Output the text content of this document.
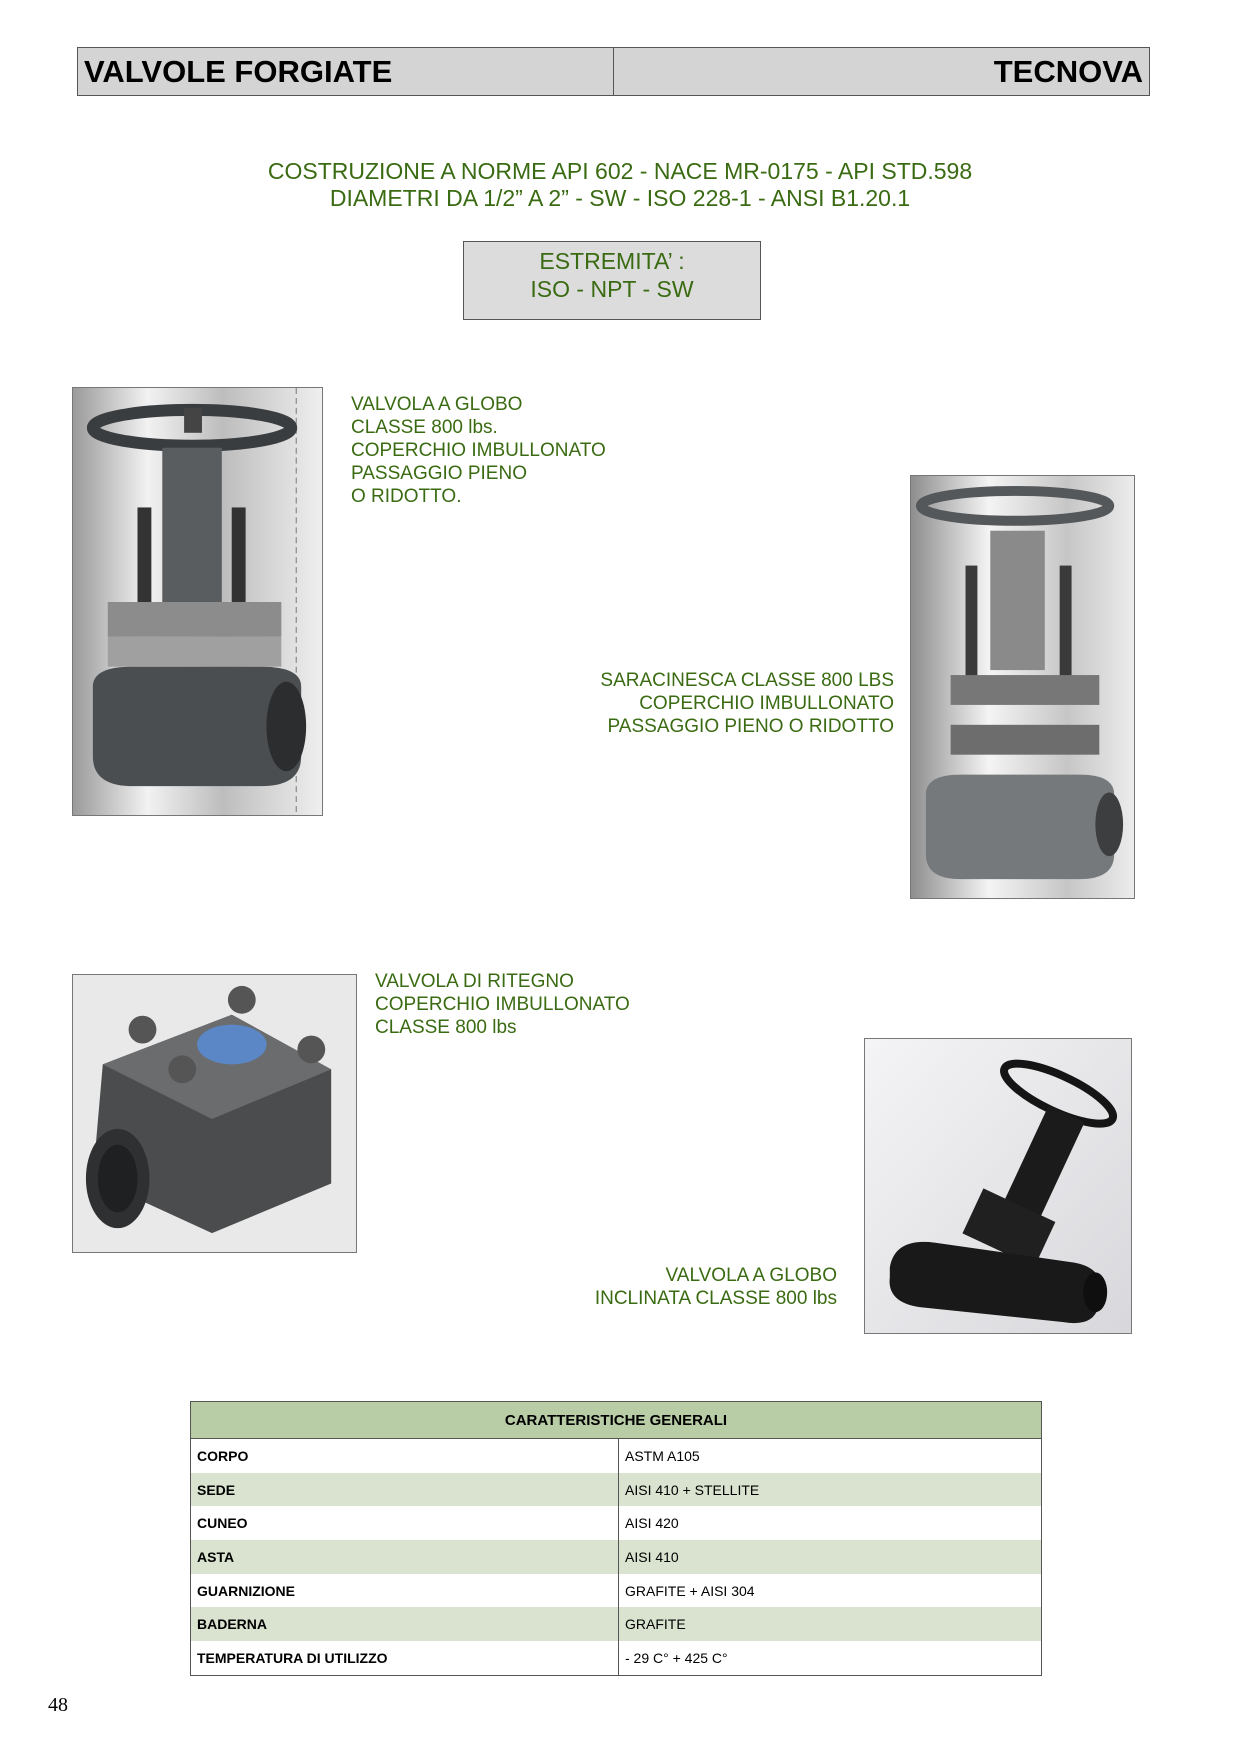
VALVOLE FORGIATE	TECNOVA
COSTRUZIONE A NORME API 602 - NACE MR-0175 - API STD.598
DIAMETRI DA 1/2” A 2” - SW - ISO 228-1 - ANSI B1.20.1
ESTREMITA’ :
ISO - NPT - SW
VALVOLA A GLOBO
CLASSE 800 lbs.
COPERCHIO IMBULLONATO
PASSAGGIO PIENO
O RIDOTTO.
SARACINESCA CLASSE 800 LBS
COPERCHIO IMBULLONATO
PASSAGGIO PIENO O RIDOTTO
VALVOLA DI RITEGNO
COPERCHIO IMBULLONATO
CLASSE 800 lbs
VALVOLA A GLOBO
INCLINATA CLASSE 800 lbs
CARATTERISTICHE GENERALI	
CORPO	ASTM A105
SEDE	AISI 410 + STELLITE
CUNEO	AISI 420
ASTA	AISI 410
GUARNIZIONE	GRAFITE + AISI 304
BADERNA	GRAFITE
TEMPERATURA DI UTILIZZO	- 29 C° + 425 C°
48
